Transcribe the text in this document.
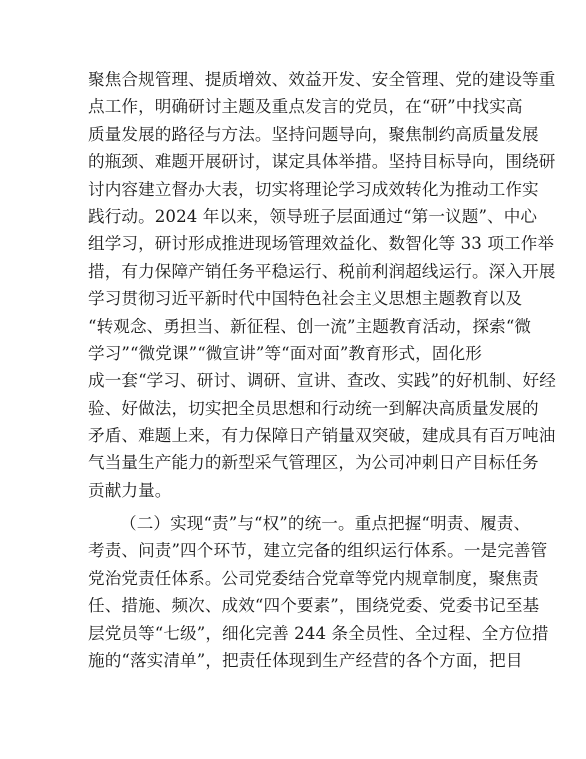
聚焦合规管理、提质增效、效益开发、安全管理、党的建设等重
点工作，明确研讨主题及重点发言的党员，在“研”中找实高
质量发展的路径与方法。坚持问题导向，聚焦制约高质量发展
的瓶颈、难题开展研讨，谋定具体举措。坚持目标导向，围绕研
讨内容建立督办大表，切实将理论学习成效转化为推动工作实
践行动。2024 年以来，领导班子层面通过“第一议题”、中心
组学习，研讨形成推进现场管理效益化、数智化等 33 项工作举
措，有力保障产销任务平稳运行、税前利润超线运行。深入开展
学习贯彻习近平新时代中国特色社会主义思想主题教育以及
“转观念、勇担当、新征程、创一流”主题教育活动，探索“微
学习”“微党课”“微宣讲”等“面对面”教育形式，固化形
成一套“学习、研讨、调研、宣讲、查改、实践”的好机制、好经
验、好做法，切实把全员思想和行动统一到解决高质量发展的
矛盾、难题上来，有力保障日产销量双突破，建成具有百万吨油
气当量生产能力的新型采气管理区，为公司冲刺日产目标任务
贡献力量。
（二）实现“责”与“权”的统一。重点把握“明责、履责、
考责、问责”四个环节，建立完备的组织运行体系。一是完善管
党治党责任体系。公司党委结合党章等党内规章制度，聚焦责
任、措施、频次、成效“四个要素”，围绕党委、党委书记至基
层党员等“七级”，细化完善 244 条全员性、全过程、全方位措
施的“落实清单”，把责任体现到生产经营的各个方面，把目
